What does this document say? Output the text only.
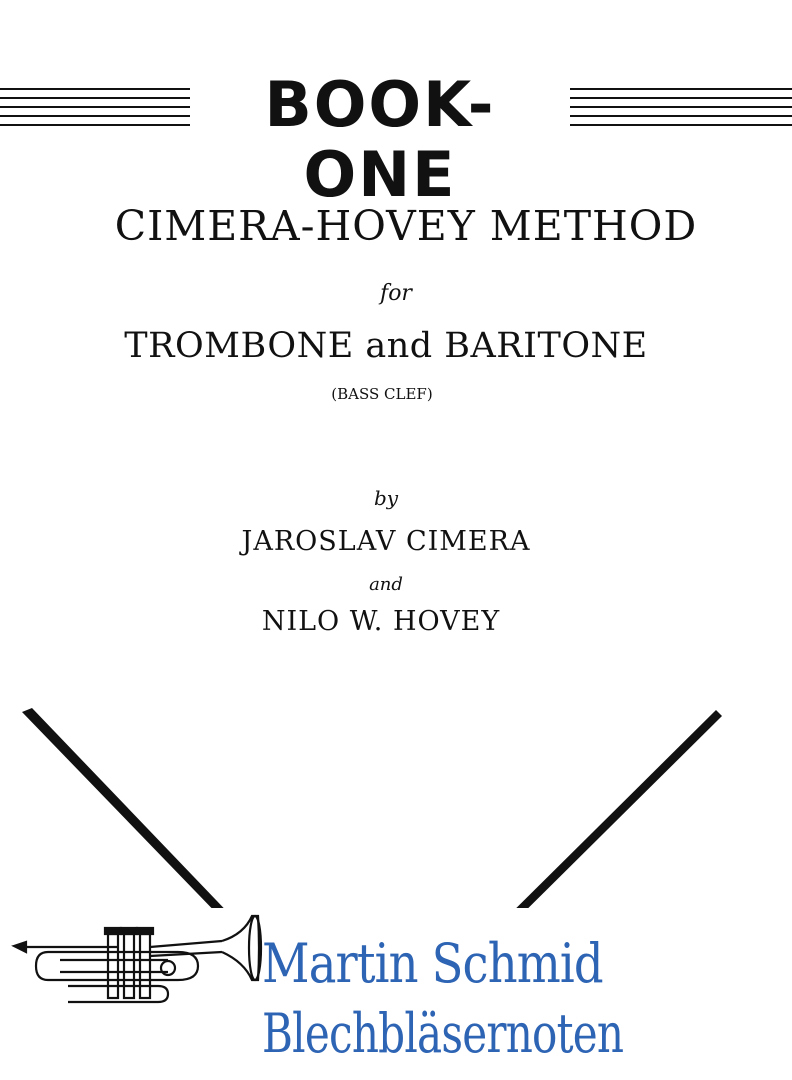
BOOK-ONE
CIMERA-HOVEY METHOD
for
TROMBONE and BARITONE
(BASS CLEF)
by
JAROSLAV CIMERA
and
NILO W. HOVEY
Martin Schmid
Blechbläsernoten
